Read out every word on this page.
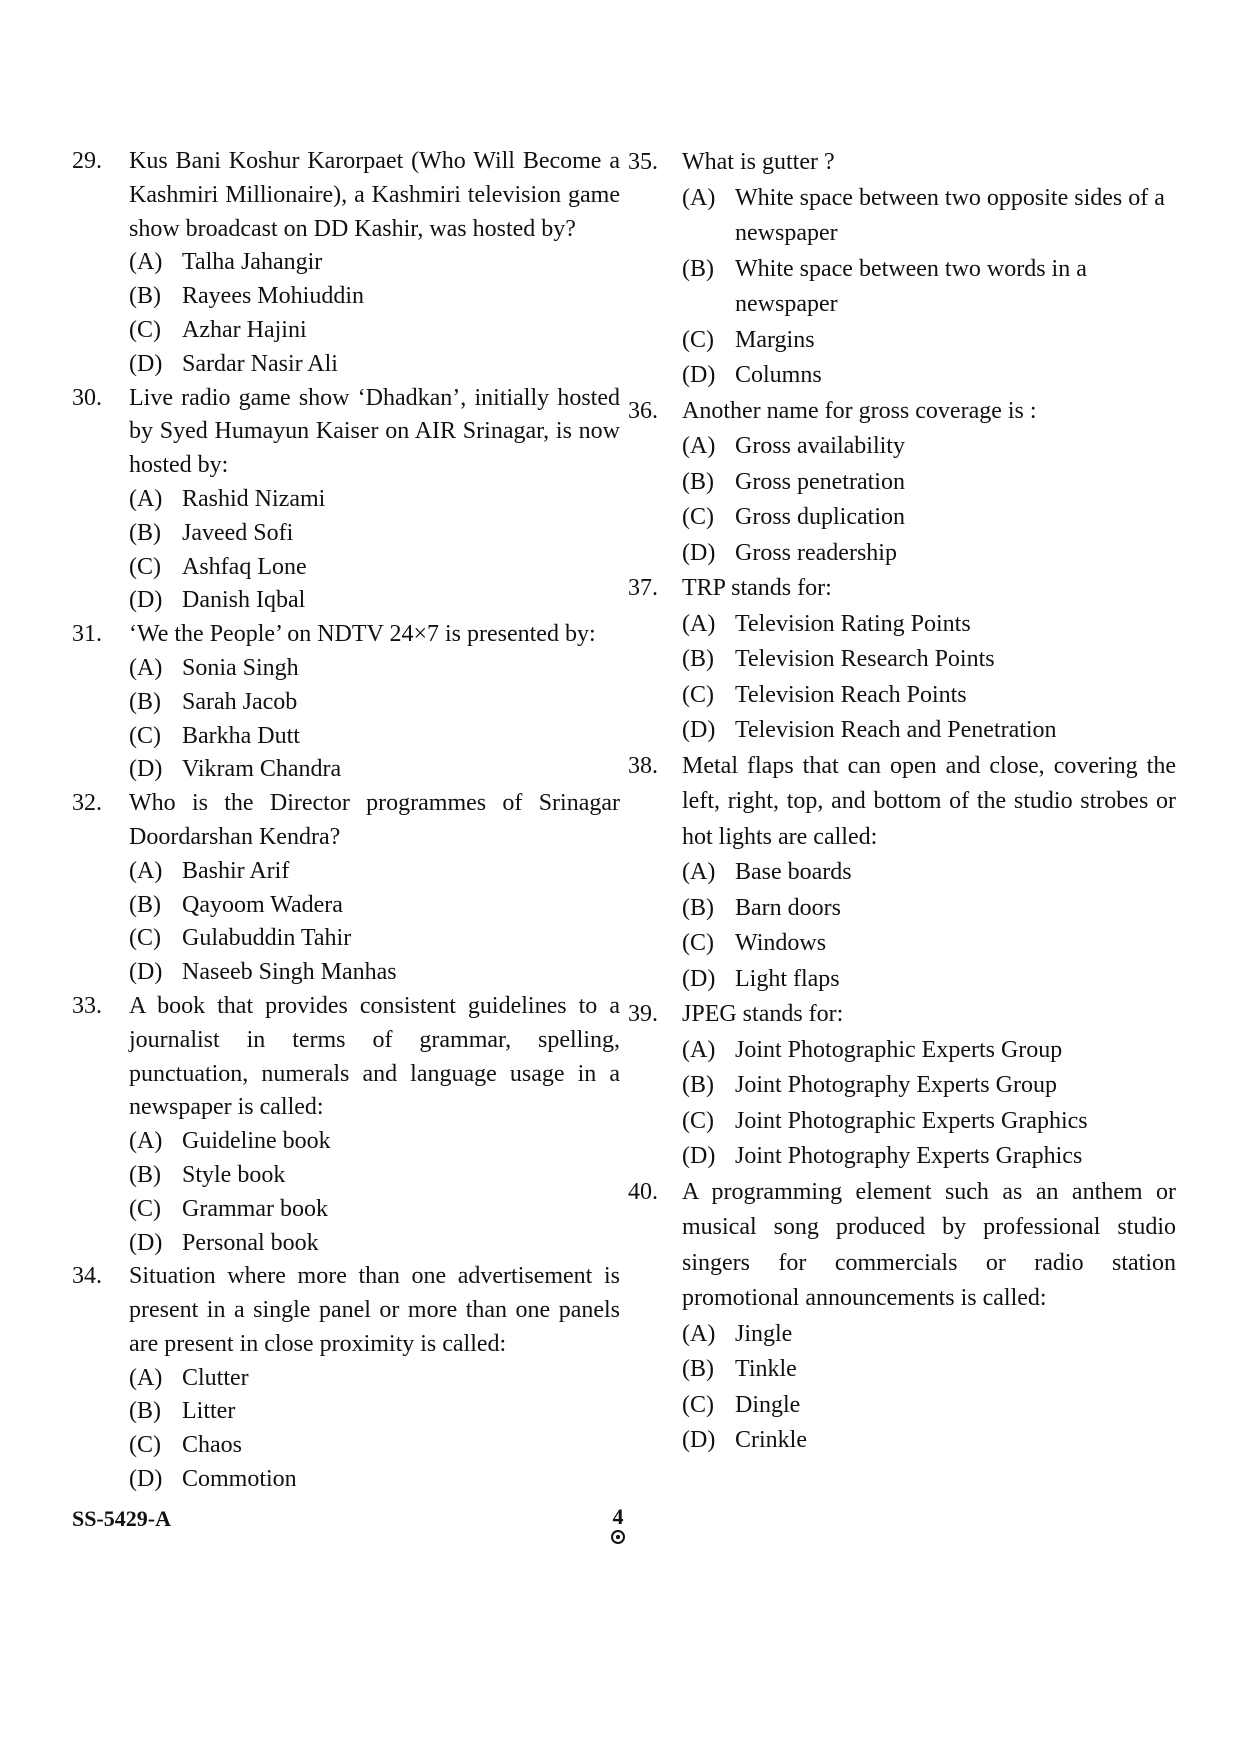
29. Kus Bani Koshur Karorpaet (Who Will Become a Kashmiri Millionaire), a Kashmiri television game show broadcast on DD Kashir, was hosted by?

(A) Talha Jahangir
(B) Rayees Mohiuddin
(C) Azhar Hajini
(D) Sardar Nasir Ali
30. Live radio game show ‘Dhadkan’, initially hosted by Syed Humayun Kaiser on AIR Srinagar, is now hosted by:

(A) Rashid Nizami
(B) Javeed Sofi
(C) Ashfaq Lone
(D) Danish Iqbal
31. ‘We the People’ on NDTV 24×7 is presented by:

(A) Sonia Singh
(B) Sarah Jacob
(C) Barkha Dutt
(D) Vikram Chandra
32. Who is the Director programmes of Srinagar Doordarshan Kendra?

(A) Bashir Arif
(B) Qayoom Wadera
(C) Gulabuddin Tahir
(D) Naseeb Singh Manhas
33. A book that provides consistent guidelines to a journalist in terms of grammar, spelling, punctuation, numerals and language usage in a newspaper is called:

(A) Guideline book
(B) Style book
(C) Grammar book
(D) Personal book
34. Situation where more than one advertisement is present in a single panel or more than one panels are present in close proximity is called:

(A) Clutter
(B) Litter
(C) Chaos
(D) Commotion
35. What is gutter ?

(A) White space between two opposite sides of a newspaper
(B) White space between two words in a newspaper
(C) Margins
(D) Columns
36. Another name for gross coverage is :

(A) Gross availability
(B) Gross penetration
(C) Gross duplication
(D) Gross readership
37. TRP stands for:

(A) Television Rating Points
(B) Television Research Points
(C) Television Reach Points
(D) Television Reach and Penetration
38. Metal flaps that can open and close, covering the left, right, top, and bottom of the studio strobes or hot lights are called:

(A) Base boards
(B) Barn doors
(C) Windows
(D) Light flaps
39. JPEG stands for:

(A) Joint Photographic Experts Group
(B) Joint Photography Experts Group
(C) Joint Photographic Experts Graphics
(D) Joint Photography Experts Graphics
40. A programming element such as an anthem or musical song produced by professional studio singers for commercials or radio station promotional announcements is called:

(A) Jingle
(B) Tinkle
(C) Dingle
(D) Crinkle
SS-5429-A	4
